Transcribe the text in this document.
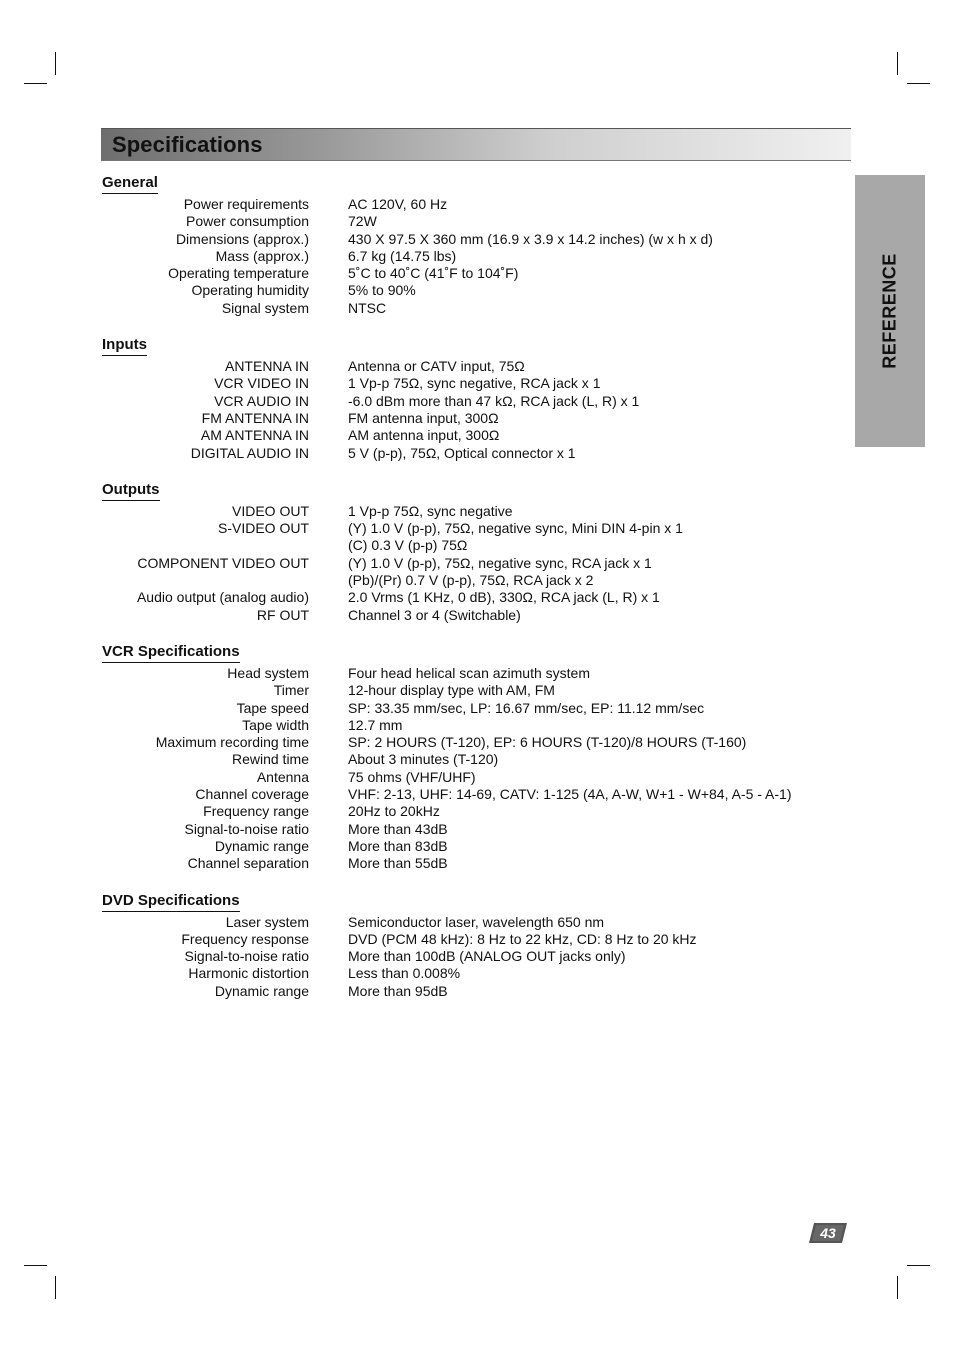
Specifications
REFERENCE
General
Power requirements	AC 120V, 60 Hz
Power consumption	72W
Dimensions (approx.)	430 X 97.5 X 360 mm (16.9 x 3.9 x 14.2 inches) (w x h x d)
Mass (approx.)	6.7 kg (14.75 lbs)
Operating temperature	5˚C to 40˚C (41˚F to 104˚F)
Operating humidity	5% to 90%
Signal system	NTSC
Inputs
ANTENNA IN	Antenna or CATV input, 75Ω
VCR VIDEO IN	1 Vp-p 75Ω, sync negative, RCA jack x 1
VCR AUDIO IN	-6.0 dBm more than 47 kΩ, RCA jack (L, R) x 1
FM ANTENNA IN	FM antenna input, 300Ω
AM ANTENNA IN	AM antenna input, 300Ω
DIGITAL AUDIO IN	5 V (p-p), 75Ω, Optical connector x 1
Outputs
VIDEO OUT	1 Vp-p 75Ω, sync negative
S-VIDEO OUT	(Y) 1.0 V (p-p), 75Ω, negative sync, Mini DIN 4-pin x 1
(C) 0.3 V (p-p) 75Ω
COMPONENT VIDEO OUT	(Y) 1.0 V (p-p), 75Ω, negative sync, RCA jack x 1
(Pb)/(Pr) 0.7 V (p-p), 75Ω, RCA jack x 2
Audio output (analog audio)	2.0 Vrms (1 KHz, 0 dB), 330Ω, RCA jack (L, R) x 1
RF OUT	Channel 3 or 4 (Switchable)
VCR Specifications
Head system	Four head helical scan azimuth system
Timer	12-hour display type with AM, FM
Tape speed	SP: 33.35 mm/sec, LP: 16.67 mm/sec, EP: 11.12 mm/sec
Tape width	12.7 mm
Maximum recording time	SP: 2 HOURS (T-120), EP: 6 HOURS (T-120)/8 HOURS (T-160)
Rewind time	About 3 minutes (T-120)
Antenna	75 ohms (VHF/UHF)
Channel coverage	VHF: 2-13, UHF: 14-69, CATV: 1-125 (4A, A-W, W+1 - W+84, A-5 - A-1)
Frequency range	20Hz to 20kHz
Signal-to-noise ratio	More than 43dB
Dynamic range	More than 83dB
Channel separation	More than 55dB
DVD Specifications
Laser system	Semiconductor laser, wavelength 650 nm
Frequency response	DVD (PCM 48 kHz): 8 Hz to 22 kHz, CD: 8 Hz to 20 kHz
Signal-to-noise ratio	More than 100dB (ANALOG OUT jacks only)
Harmonic distortion	Less than 0.008%
Dynamic range	More than 95dB
43
